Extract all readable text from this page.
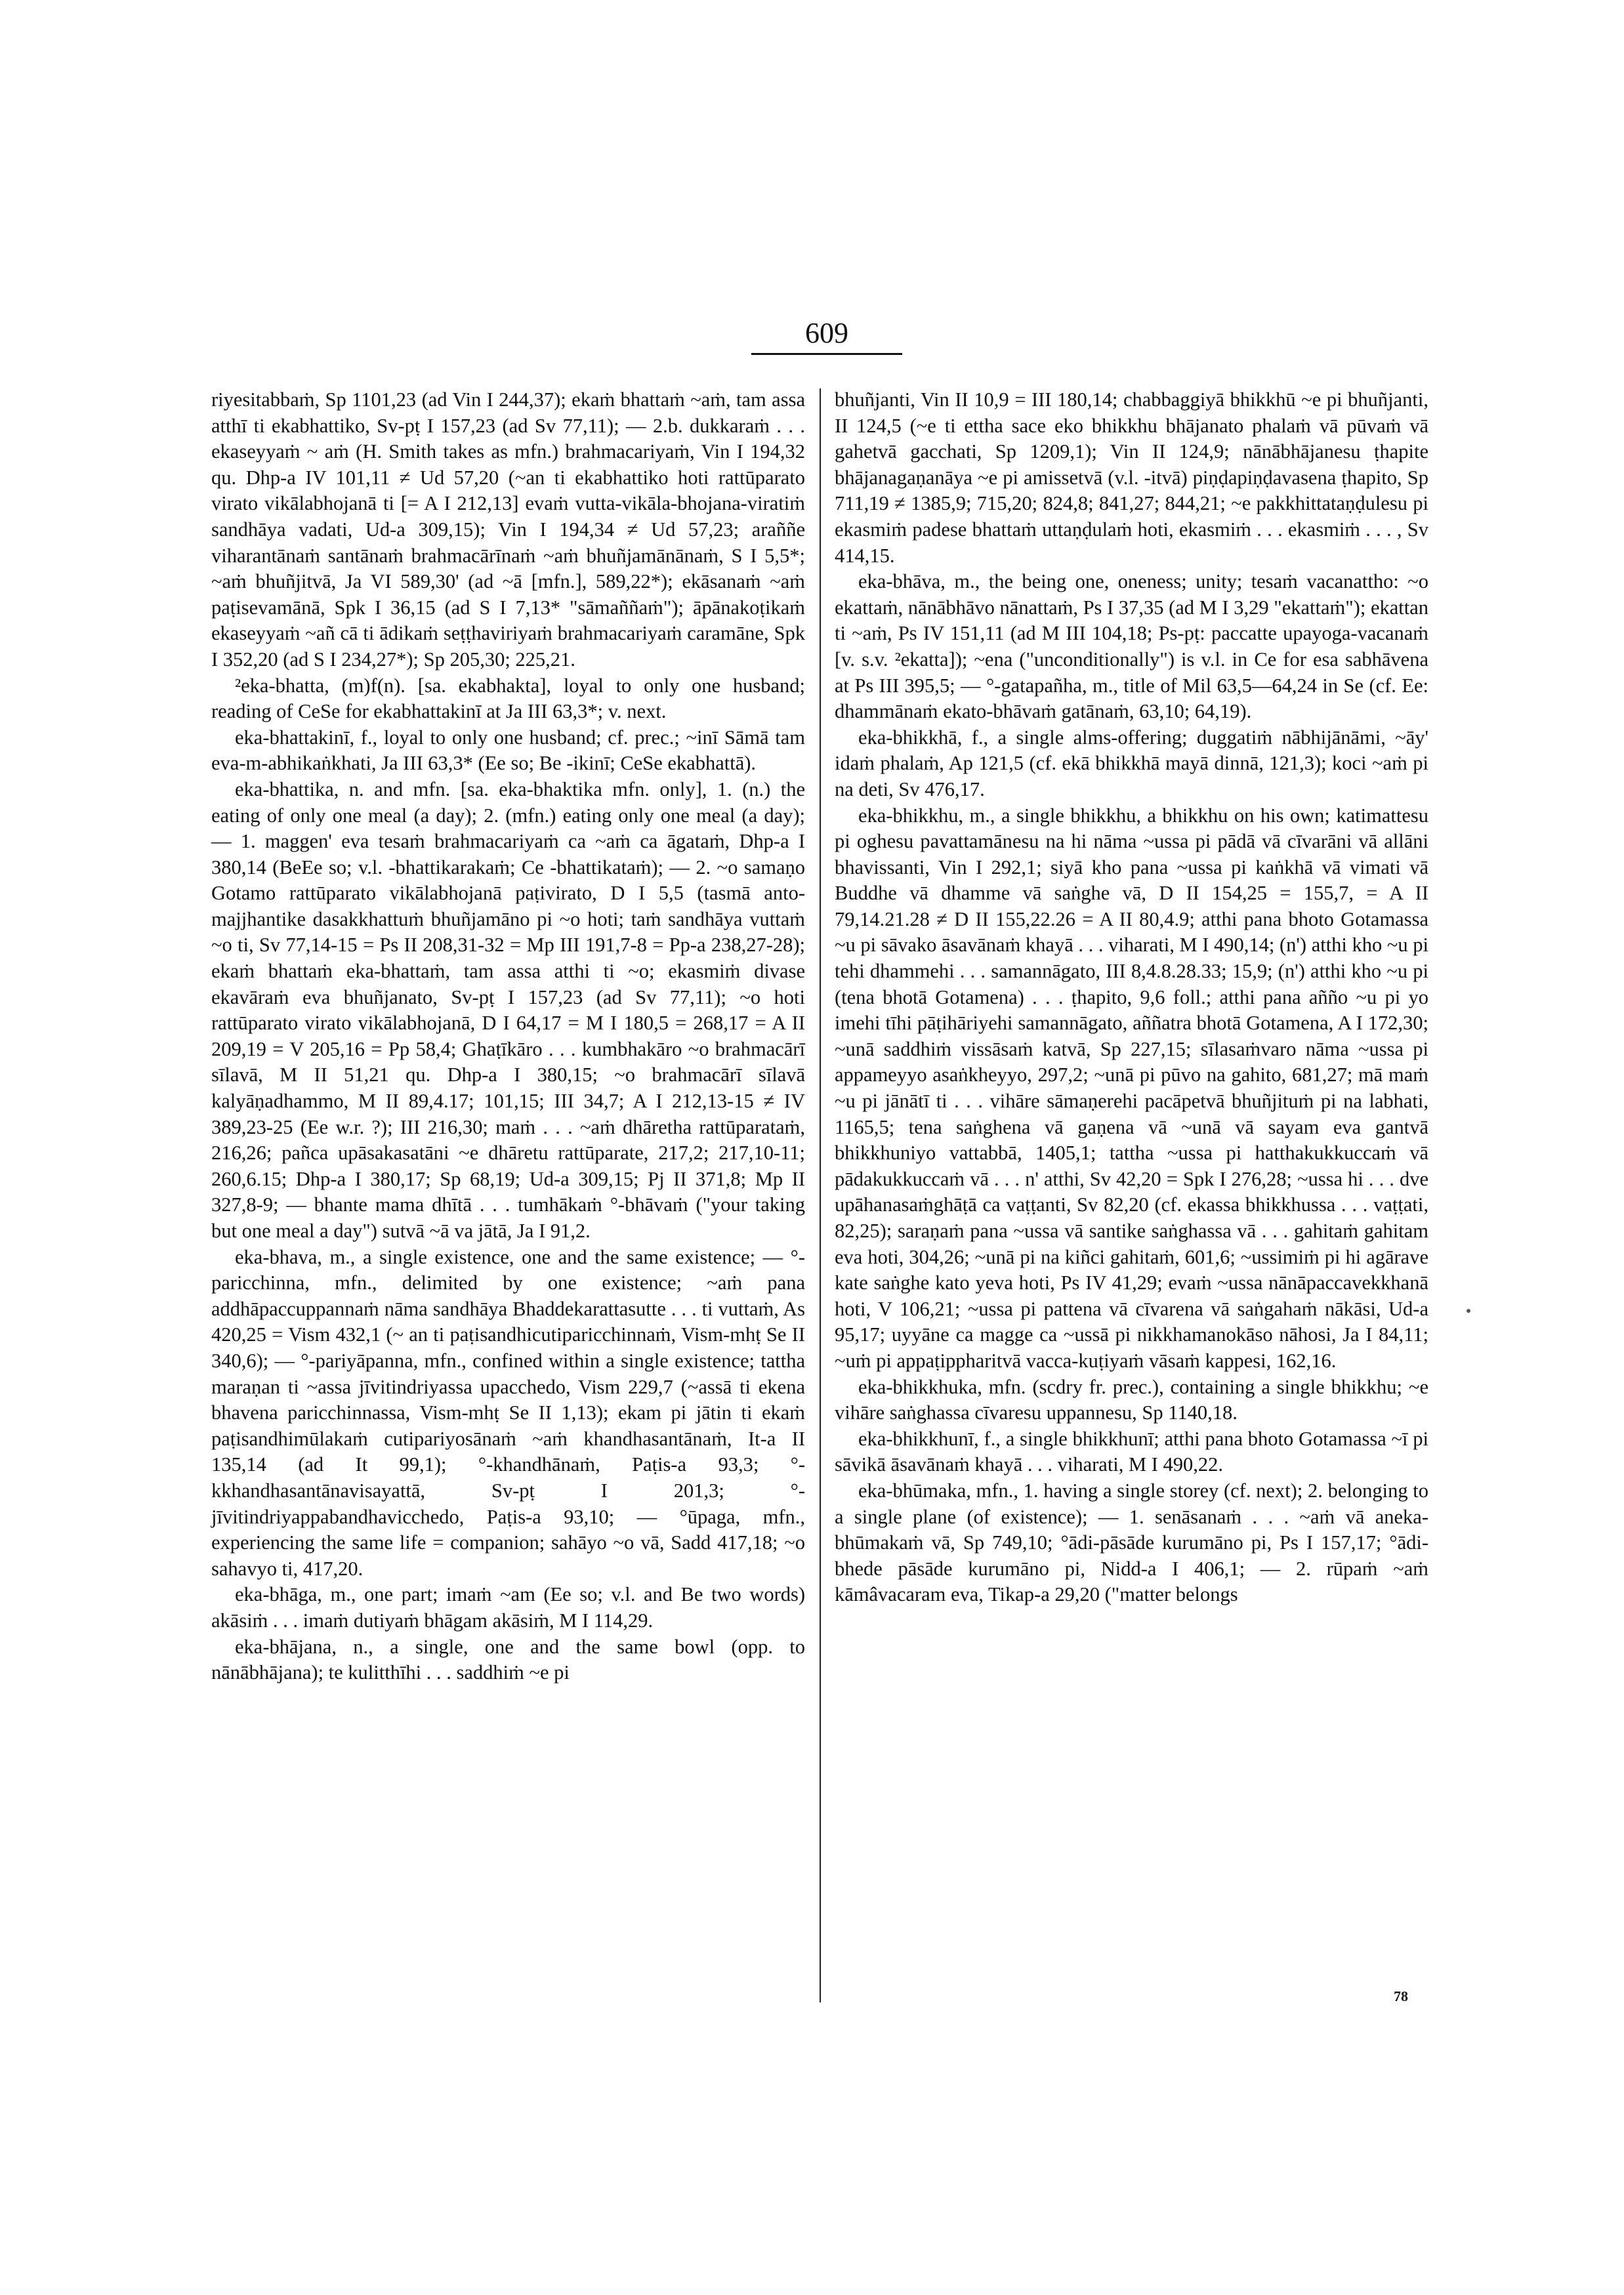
609

riyesitabbaṁ, Sp 1101,23 (ad Vin I 244,37); ekaṁ bhattaṁ ~aṁ, tam assa atthī ti ekabhattiko, Sv-pṭ I 157,23 (ad Sv 77,11); — 2.b. dukkaraṁ . . . ekaseyyaṁ ~ aṁ (H. Smith takes as mfn.) brahmacariyaṁ, Vin I 194,32 qu. Dhp-a IV 101,11 ≠ Ud 57,20 (~an ti ekabhattiko hoti rattūparato virato vikālabhojanā ti [= A I 212,13] evaṁ vutta-vikāla-bhojana-viratiṁ sandhāya vadati, Ud-a 309,15); Vin I 194,34 ≠ Ud 57,23; araññe viharantānaṁ santānaṁ brahmacārīnaṁ ~aṁ bhuñjamānānaṁ, S I 5,5*; ~aṁ bhuñjitvā, Ja VI 589,30' (ad ~ā [mfn.], 589,22*); ekāsanaṁ ~aṁ paṭisevamānā, Spk I 36,15 (ad S I 7,13* "sāmaññaṁ"); āpānakoṭikaṁ ekaseyyaṁ ~añ cā ti ādikaṁ seṭṭhaviriyaṁ brahmacariyaṁ caramāne, Spk I 352,20 (ad S I 234,27*); Sp 205,30; 225,21.

²eka-bhatta, (m)f(n). [sa. ekabhakta], loyal to only one husband; reading of CeSe for ekabhattakinī at Ja III 63,3*; v. next.

eka-bhattakinī, f., loyal to only one husband; cf. prec.; ~inī Sāmā tam eva-m-abhikaṅkhati, Ja III 63,3* (Ee so; Be -ikinī; CeSe ekabhattā).

eka-bhattika, n. and mfn. [sa. eka-bhaktika mfn. only], 1. (n.) the eating of only one meal (a day); 2. (mfn.) eating only one meal (a day); — 1. maggen' eva tesaṁ brahmacariyaṁ ca ~aṁ ca āgataṁ, Dhp-a I 380,14 (BeEe so; v.l. -bhattikarakaṁ; Ce -bhattikataṁ); — 2. ~o samaṇo Gotamo rattūparato vikālabhojanā paṭivirato, D I 5,5 (tasmā anto-majjhantike dasakkhattuṁ bhuñjamāno pi ~o hoti; taṁ sandhāya vuttaṁ ~o ti, Sv 77,14-15 = Ps II 208,31-32 = Mp III 191,7-8 = Pp-a 238,27-28); ekaṁ bhattaṁ eka-bhattaṁ, tam assa atthi ti ~o; ekasmiṁ divase ekavāraṁ eva bhuñjanato, Sv-pṭ I 157,23 (ad Sv 77,11); ~o hoti rattūparato virato vikālabhojanā, D I 64,17 = M I 180,5 = 268,17 = A II 209,19 = V 205,16 = Pp 58,4; Ghaṭīkāro . . . kumbhakāro ~o brahmacārī sīlavā, M II 51,21 qu. Dhp-a I 380,15; ~o brahmacārī sīlavā kalyāṇadhammo, M II 89,4.17; 101,15; III 34,7; A I 212,13-15 ≠ IV 389,23-25 (Ee w.r. ?); III 216,30; maṁ . . . ~aṁ dhāretha rattūparataṁ, 216,26; pañca upāsakasatāni ~e dhāretu rattūparate, 217,2; 217,10-11; 260,6.15; Dhp-a I 380,17; Sp 68,19; Ud-a 309,15; Pj II 371,8; Mp II 327,8-9; — bhante mama dhītā . . . tumhākaṁ °-bhāvaṁ ("your taking but one meal a day") sutvā ~ā va jātā, Ja I 91,2.

eka-bhava, m., a single existence, one and the same existence; — °-paricchinna, mfn., delimited by one existence; ~aṁ pana addhāpaccuppannaṁ nāma sandhāya Bhaddekarattasutte . . . ti vuttaṁ, As 420,25 = Vism 432,1 (~ an ti paṭisandhicutiparicchinnaṁ, Vism-mhṭ Se II 340,6); — °-pariyāpanna, mfn., confined within a single existence; tattha maraṇan ti ~assa jīvitindriyassa upacchedo, Vism 229,7 (~assā ti ekena bhavena paricchinnassa, Vism-mhṭ Se II 1,13); ekam pi jātin ti ekaṁ paṭisandhimūlakaṁ cutipariyosānaṁ ~aṁ khandhasantānaṁ, It-a II 135,14 (ad It 99,1); °-khandhānaṁ, Paṭis-a 93,3; °-kkhandhasantānavisayattā, Sv-pṭ I 201,3; °-jīvitindriyappabandhavicchedo, Paṭis-a 93,10; — °ūpaga, mfn., experiencing the same life = companion; sahāyo ~o vā, Sadd 417,18; ~o sahavyo ti, 417,20.

eka-bhāga, m., one part; imaṁ ~am (Ee so; v.l. and Be two words) akāsiṁ . . . imaṁ dutiyaṁ bhāgam akāsiṁ, M I 114,29.

eka-bhājana, n., a single, one and the same bowl (opp. to nānābhājana); te kulitthīhi . . . saddhiṁ ~e pi

bhuñjanti, Vin II 10,9 = III 180,14; chabbaggiyā bhikkhū ~e pi bhuñjanti, II 124,5 (~e ti ettha sace eko bhikkhu bhājanato phalaṁ vā pūvaṁ vā gahetvā gacchati, Sp 1209,1); Vin II 124,9; nānābhājanesu ṭhapite bhājanagaṇanāya ~e pi amissetvā (v.l. -itvā) piṇḍapiṇḍavasena ṭhapito, Sp 711,19 ≠ 1385,9; 715,20; 824,8; 841,27; 844,21; ~e pakkhittataṇḍulesu pi ekasmiṁ padese bhattaṁ uttaṇḍulaṁ hoti, ekasmiṁ . . . ekasmiṁ . . . , Sv 414,15.

eka-bhāva, m., the being one, oneness; unity; tesaṁ vacanattho: ~o ekattaṁ, nānābhāvo nānattaṁ, Ps I 37,35 (ad M I 3,29 "ekattaṁ"); ekattan ti ~aṁ, Ps IV 151,11 (ad M III 104,18; Ps-pṭ: paccatte upayoga-vacanaṁ [v. s.v. ²ekatta]); ~ena ("unconditionally") is v.l. in Ce for esa sabhāvena at Ps III 395,5; — °-gatapañha, m., title of Mil 63,5—64,24 in Se (cf. Ee: dhammānaṁ ekato-bhāvaṁ gatānaṁ, 63,10; 64,19).

eka-bhikkhā, f., a single alms-offering; duggatiṁ nābhijānāmi, ~āy' idaṁ phalaṁ, Ap 121,5 (cf. ekā bhikkhā mayā dinnā, 121,3); koci ~aṁ pi na deti, Sv 476,17.

eka-bhikkhu, m., a single bhikkhu, a bhikkhu on his own; katimattesu pi oghesu pavattamānesu na hi nāma ~ussa pi pādā vā cīvarāni vā allāni bhavissanti, Vin I 292,1; siyā kho pana ~ussa pi kaṅkhā vā vimati vā Buddhe vā dhamme vā saṅghe vā, D II 154,25 = 155,7, = A II 79,14.21.28 ≠ D II 155,22.26 = A II 80,4.9; atthi pana bhoto Gotamassa ~u pi sāvako āsavānaṁ khayā . . . viharati, M I 490,14; (n') atthi kho ~u pi tehi dhammehi . . . samannāgato, III 8,4.8.28.33; 15,9; (n') atthi kho ~u pi (tena bhotā Gotamena) . . . ṭhapito, 9,6 foll.; atthi pana añño ~u pi yo imehi tīhi pāṭihāriyehi samannāgato, aññatra bhotā Gotamena, A I 172,30; ~unā saddhiṁ vissāsaṁ katvā, Sp 227,15; sīlasaṁvaro nāma ~ussa pi appameyyo asaṅkheyyo, 297,2; ~unā pi pūvo na gahito, 681,27; mā maṁ ~u pi jānātī ti . . . vihāre sāmaṇerehi pacāpetvā bhuñjituṁ pi na labhati, 1165,5; tena saṅghena vā gaṇena vā ~unā vā sayam eva gantvā bhikkhuniyo vattabbā, 1405,1; tattha ~ussa pi hatthakukkuccaṁ vā pādakukkuccaṁ vā . . . n' atthi, Sv 42,20 = Spk I 276,28; ~ussa hi . . . dve upāhanasaṁghāṭā ca vaṭṭanti, Sv 82,20 (cf. ekassa bhikkhussa . . . vaṭṭati, 82,25); saraṇaṁ pana ~ussa vā santike saṅghassa vā . . . gahitaṁ gahitam eva hoti, 304,26; ~unā pi na kiñci gahitaṁ, 601,6; ~ussimiṁ pi hi agārave kate saṅghe kato yeva hoti, Ps IV 41,29; evaṁ ~ussa nānāpaccavekkhanā hoti, V 106,21; ~ussa pi pattena vā cīvarena vā saṅgahaṁ nākāsi, Ud-a 95,17; uyyāne ca magge ca ~ussā pi nikkhamanokāso nāhosi, Ja I 84,11; ~uṁ pi appaṭippharitvā vacca-kuṭiyaṁ vāsaṁ kappesi, 162,16.

eka-bhikkhuka, mfn. (scdry fr. prec.), containing a single bhikkhu; ~e vihāre saṅghassa cīvaresu uppannesu, Sp 1140,18.

eka-bhikkhunī, f., a single bhikkhunī; atthi pana bhoto Gotamassa ~ī pi sāvikā āsavānaṁ khayā . . . viharati, M I 490,22.

eka-bhūmaka, mfn., 1. having a single storey (cf. next); 2. belonging to a single plane (of existence); — 1. senāsanaṁ . . . ~aṁ vā aneka-bhūmakaṁ vā, Sp 749,10; °ādi-pāsāde kurumāno pi, Ps I 157,17; °ādi-bhede pāsāde kurumāno pi, Nidd-a I 406,1; — 2. rūpaṁ ~aṁ kāmâvacaram eva, Tikap-a 29,20 ("matter belongs

78
